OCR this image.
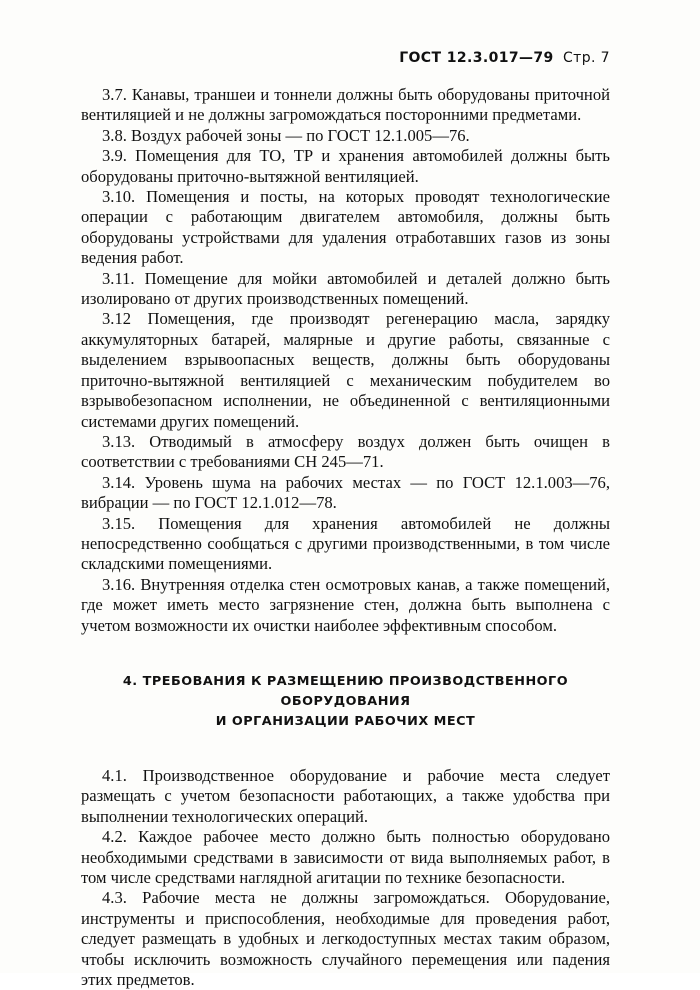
ГОСТ 12.3.017—79 Стр. 7

3.7. Канавы, траншеи и тоннели должны быть оборудованы приточной вентиляцией и не должны загромождаться посторонними предметами.

3.8. Воздух рабочей зоны — по ГОСТ 12.1.005—76.

3.9. Помещения для ТО, ТР и хранения автомобилей должны быть оборудованы приточно-вытяжной вентиляцией.

3.10. Помещения и посты, на которых проводят технологические операции с работающим двигателем автомобиля, должны быть оборудованы устройствами для удаления отработавших газов из зоны ведения работ.

3.11. Помещение для мойки автомобилей и деталей должно быть изолировано от других производственных помещений.

3.12 Помещения, где производят регенерацию масла, зарядку аккумуляторных батарей, малярные и другие работы, связанные с выделением взрывоопасных веществ, должны быть оборудованы приточно-вытяжной вентиляцией с механическим побудителем во взрывобезопасном исполнении, не объединенной с вентиляционными системами других помещений.

3.13. Отводимый в атмосферу воздух должен быть очищен в соответствии с требованиями СН 245—71.

3.14. Уровень шума на рабочих местах — по ГОСТ 12.1.003—76, вибрации — по ГОСТ 12.1.012—78.

3.15. Помещения для хранения автомобилей не должны непосредственно сообщаться с другими производственными, в том числе складскими помещениями.

3.16. Внутренняя отделка стен осмотровых канав, а также помещений, где может иметь место загрязнение стен, должна быть выполнена с учетом возможности их очистки наиболее эффективным способом.

4. ТРЕБОВАНИЯ К РАЗМЕЩЕНИЮ ПРОИЗВОДСТВЕННОГО ОБОРУДОВАНИЯ
И ОРГАНИЗАЦИИ РАБОЧИХ МЕСТ

4.1. Производственное оборудование и рабочие места следует размещать с учетом безопасности работающих, а также удобства при выполнении технологических операций.

4.2. Каждое рабочее место должно быть полностью оборудовано необходимыми средствами в зависимости от вида выполняемых работ, в том числе средствами наглядной агитации по технике безопасности.

4.3. Рабочие места не должны загромождаться. Оборудование, инструменты и приспособления, необходимые для проведения работ, следует размещать в удобных и легкодоступных местах таким образом, чтобы исключить возможность случайного перемещения или падения этих предметов.
